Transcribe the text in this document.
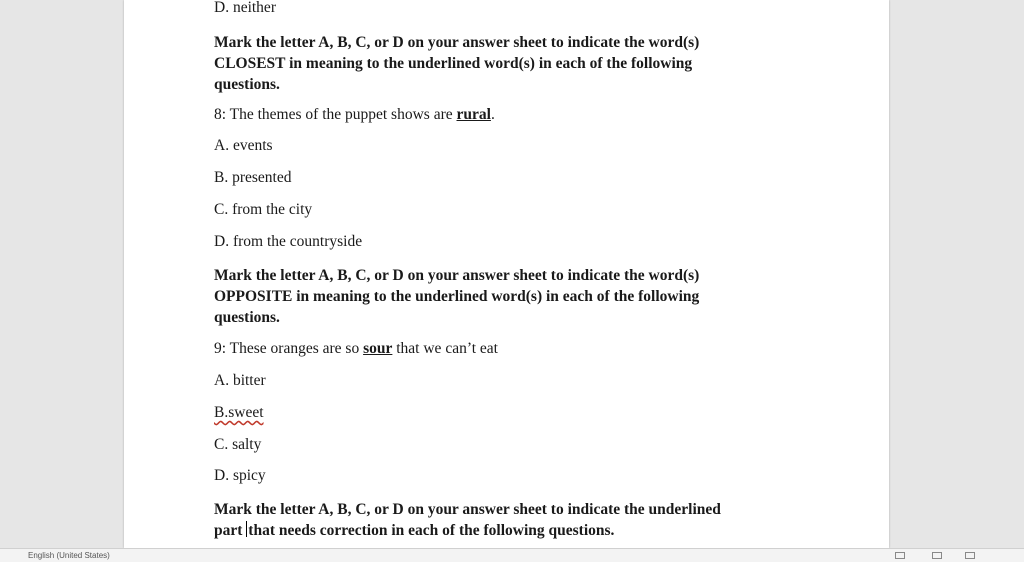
D. neither
Mark the letter A, B, C, or D on your answer sheet to indicate the word(s)
CLOSEST in meaning to the underlined word(s) in each of the following
questions.
8: The themes of the puppet shows are rural.
A. events
B. presented
C. from the city
D. from the countryside
Mark the letter A, B, C, or D on your answer sheet to indicate the word(s)
OPPOSITE in meaning to the underlined word(s) in each of the following
questions.
9: These oranges are so sour that we can’t eat
A. bitter
B.sweet
C. salty
D. spicy
Mark the letter A, B, C, or D on your answer sheet to indicate the underlined
part that needs correction in each of the following questions.
English (United States)
